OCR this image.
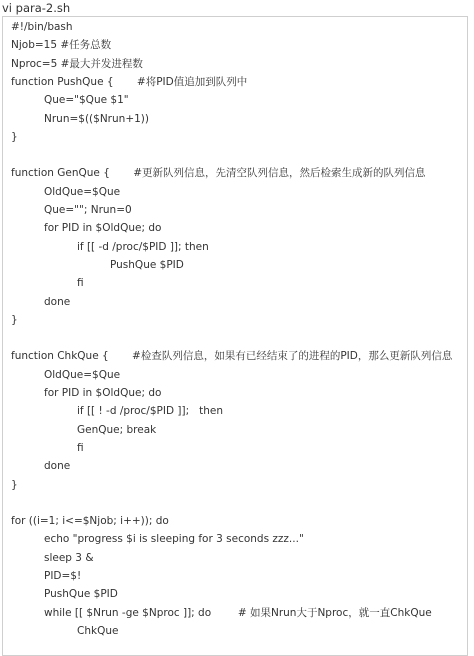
vi para-2.sh
#!/bin/bash
Njob=15 #任务总数
Nproc=5 #最大并发进程数
function PushQue {       #将PID值追加到队列中
Que="$Que $1"
Nrun=$(($Nrun+1))
}
function GenQue {       #更新队列信息，先清空队列信息，然后检索生成新的队列信息
OldQue=$Que
Que=""; Nrun=0
for PID in $OldQue; do
if [[ -d /proc/$PID ]]; then
PushQue $PID
fi
done
}
function ChkQue {       #检查队列信息，如果有已经结束了的进程的PID，那么更新队列信息
OldQue=$Que
for PID in $OldQue; do
if [[ ! -d /proc/$PID ]];   then
GenQue; break
fi
done
}
for ((i=1; i<=$Njob; i++)); do
echo "progress $i is sleeping for 3 seconds zzz..."
sleep 3 &
PID=$!
PushQue $PID
while [[ $Nrun -ge $Nproc ]]; do        # 如果Nrun大于Nproc，就一直ChkQue
ChkQue
